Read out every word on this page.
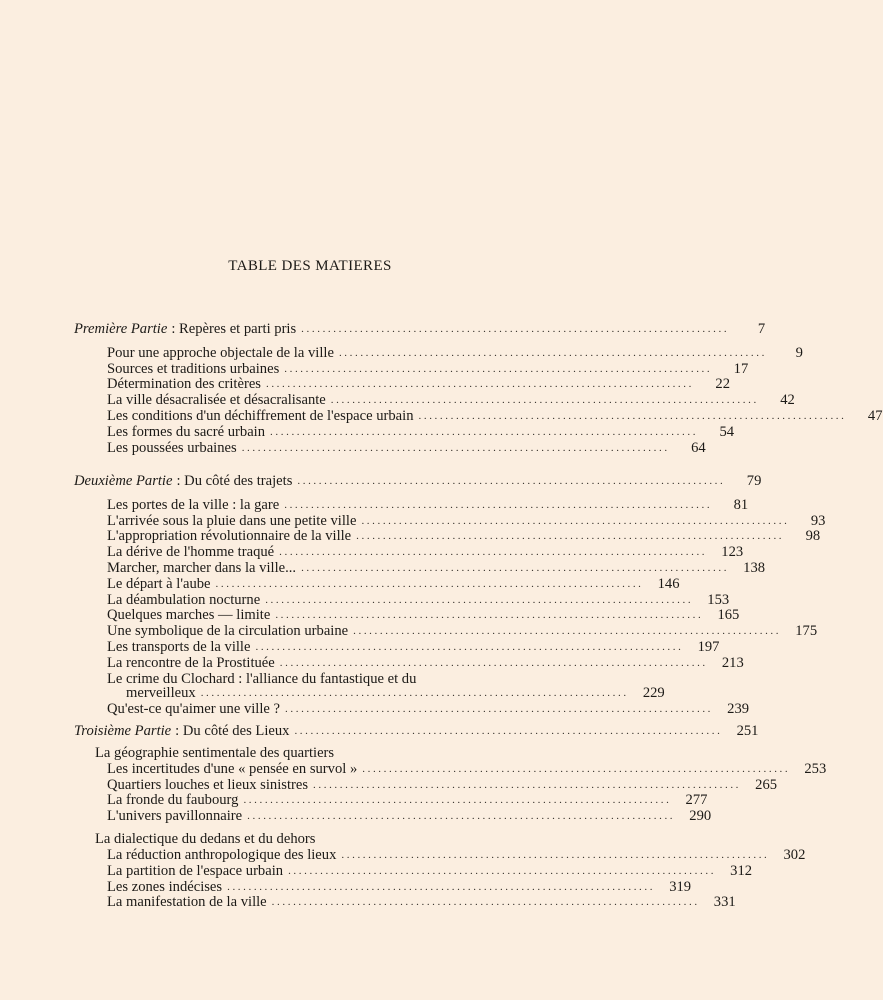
TABLE DES MATIERES
Première Partie : Repères et parti pris ................................................................................	7
Pour une approche objectale de la ville ................................................................................	9
Sources et traditions urbaines ................................................................................	17
Détermination des critères ................................................................................	22
La ville désacralisée et désacralisante ................................................................................	42
Les conditions d'un déchiffrement de l'espace urbain ................................................................................	47
Les formes du sacré urbain ................................................................................	54
Les poussées urbaines ................................................................................	64
Deuxième Partie : Du côté des trajets ................................................................................	79
Les portes de la ville : la gare ................................................................................	81
L'arrivée sous la pluie dans une petite ville ................................................................................	93
L'appropriation révolutionnaire de la ville ................................................................................	98
La dérive de l'homme traqué ................................................................................ 123
Marcher, marcher dans la ville... ................................................................................ 138
Le départ à l'aube ................................................................................ 146
La déambulation nocturne ................................................................................ 153
Quelques marches — limite ................................................................................ 165
Une symbolique de la circulation urbaine ................................................................................ 175
Les transports de la ville ................................................................................ 197
La rencontre de la Prostituée ................................................................................ 213
Le crime du Clochard : l'alliance du fantastique et du
merveilleux ................................................................................ 229
Qu'est-ce qu'aimer une ville ? ................................................................................ 239
Troisième Partie : Du côté des Lieux ................................................................................ 251
La géographie sentimentale des quartiers
Les incertitudes d'une « pensée en survol » ................................................................................ 253
Quartiers louches et lieux sinistres ................................................................................ 265
La fronde du faubourg ................................................................................ 277
L'univers pavillonnaire ................................................................................ 290
La dialectique du dedans et du dehors
La réduction anthropologique des lieux ................................................................................ 302
La partition de l'espace urbain ................................................................................ 312
Les zones indécises ................................................................................ 319
La manifestation de la ville ................................................................................ 331
